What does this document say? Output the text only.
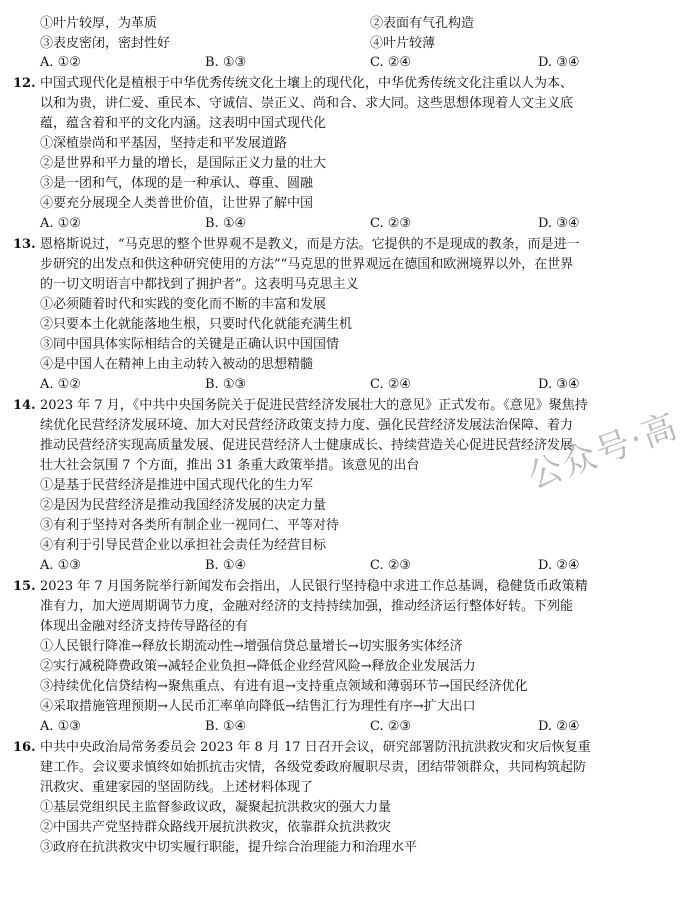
①叶片较厚，为革质	②表面有气孔构造
③表皮密闭，密封性好	④叶片较薄
A. ①②	B. ①③	C. ②④	D. ③④
12. 中国式现代化是植根于中华优秀传统文化土壤上的现代化，中华优秀传统文化注重以人为本、
以和为贵，讲仁爱、重民本、守诚信、崇正义、尚和合、求大同。这些思想体现着人文主义底
蕴，蕴含着和平的文化内涵。这表明中国式现代化
①深植崇尚和平基因，坚持走和平发展道路
②是世界和平力量的增长，是国际正义力量的壮大
③是一团和气，体现的是一种承认、尊重、圆融
④要充分展现全人类普世价值，让世界了解中国
A. ①②	B. ①④	C. ②③	D. ③④
13. 恩格斯说过，“马克思的整个世界观不是教义，而是方法。它提供的不是现成的教条，而是进一
步研究的出发点和供这种研究使用的方法”“马克思的世界观远在德国和欧洲境界以外，在世界
的一切文明语言中都找到了拥护者”。这表明马克思主义
①必须随着时代和实践的变化而不断的丰富和发展
②只要本土化就能落地生根，只要时代化就能充满生机
③同中国具体实际相结合的关键是正确认识中国国情
④是中国人在精神上由主动转入被动的思想精髓
A. ①②	B. ①③	C. ②④	D. ③④
14. 2023 年 7 月，《中共中央国务院关于促进民营经济发展壮大的意见》正式发布。《意见》聚焦持
续优化民营经济发展环境、加大对民营经济政策支持力度、强化民营经济发展法治保障、着力
推动民营经济实现高质量发展、促进民营经济人士健康成长、持续营造关心促进民营经济发展
壮大社会氛围 7 个方面，推出 31 条重大政策举措。该意见的出台
①是基于民营经济是推进中国式现代化的生力军
②是因为民营经济是推动我国经济发展的决定力量
③有利于坚持对各类所有制企业一视同仁、平等对待
④有利于引导民营企业以承担社会责任为经营目标
A. ①③	B. ①④	C. ②③	D. ②④
15. 2023 年 7 月国务院举行新闻发布会指出，人民银行坚持稳中求进工作总基调，稳健货币政策精
准有力，加大逆周期调节力度，金融对经济的支持持续加强，推动经济运行整体好转。下列能
体现出金融对经济支持传导路径的有
①人民银行降准→释放长期流动性→增强信贷总量增长→切实服务实体经济
②实行减税降费政策→减轻企业负担→降低企业经营风险→释放企业发展活力
③持续优化信贷结构→聚焦重点、有进有退→支持重点领域和薄弱环节→国民经济优化
④采取措施管理预期→人民币汇率单向降低→结售汇行为理性有序→扩大出口
A. ①③	B. ①④	C. ②③	D. ②④
16. 中共中央政治局常务委员会 2023 年 8 月 17 日召开会议，研究部署防汛抗洪救灾和灾后恢复重
建工作。会议要求慎终如始抓抗击灾情，各级党委政府履职尽责，团结带领群众，共同构筑起防
汛救灾、重建家园的坚固防线。上述材料体现了
①基层党组织民主监督参政议政，凝聚起抗洪救灾的强大力量
②中国共产党坚持群众路线开展抗洪救灾，依靠群众抗洪救灾
③政府在抗洪救灾中切实履行职能，提升综合治理能力和治理水平
公众号·高
